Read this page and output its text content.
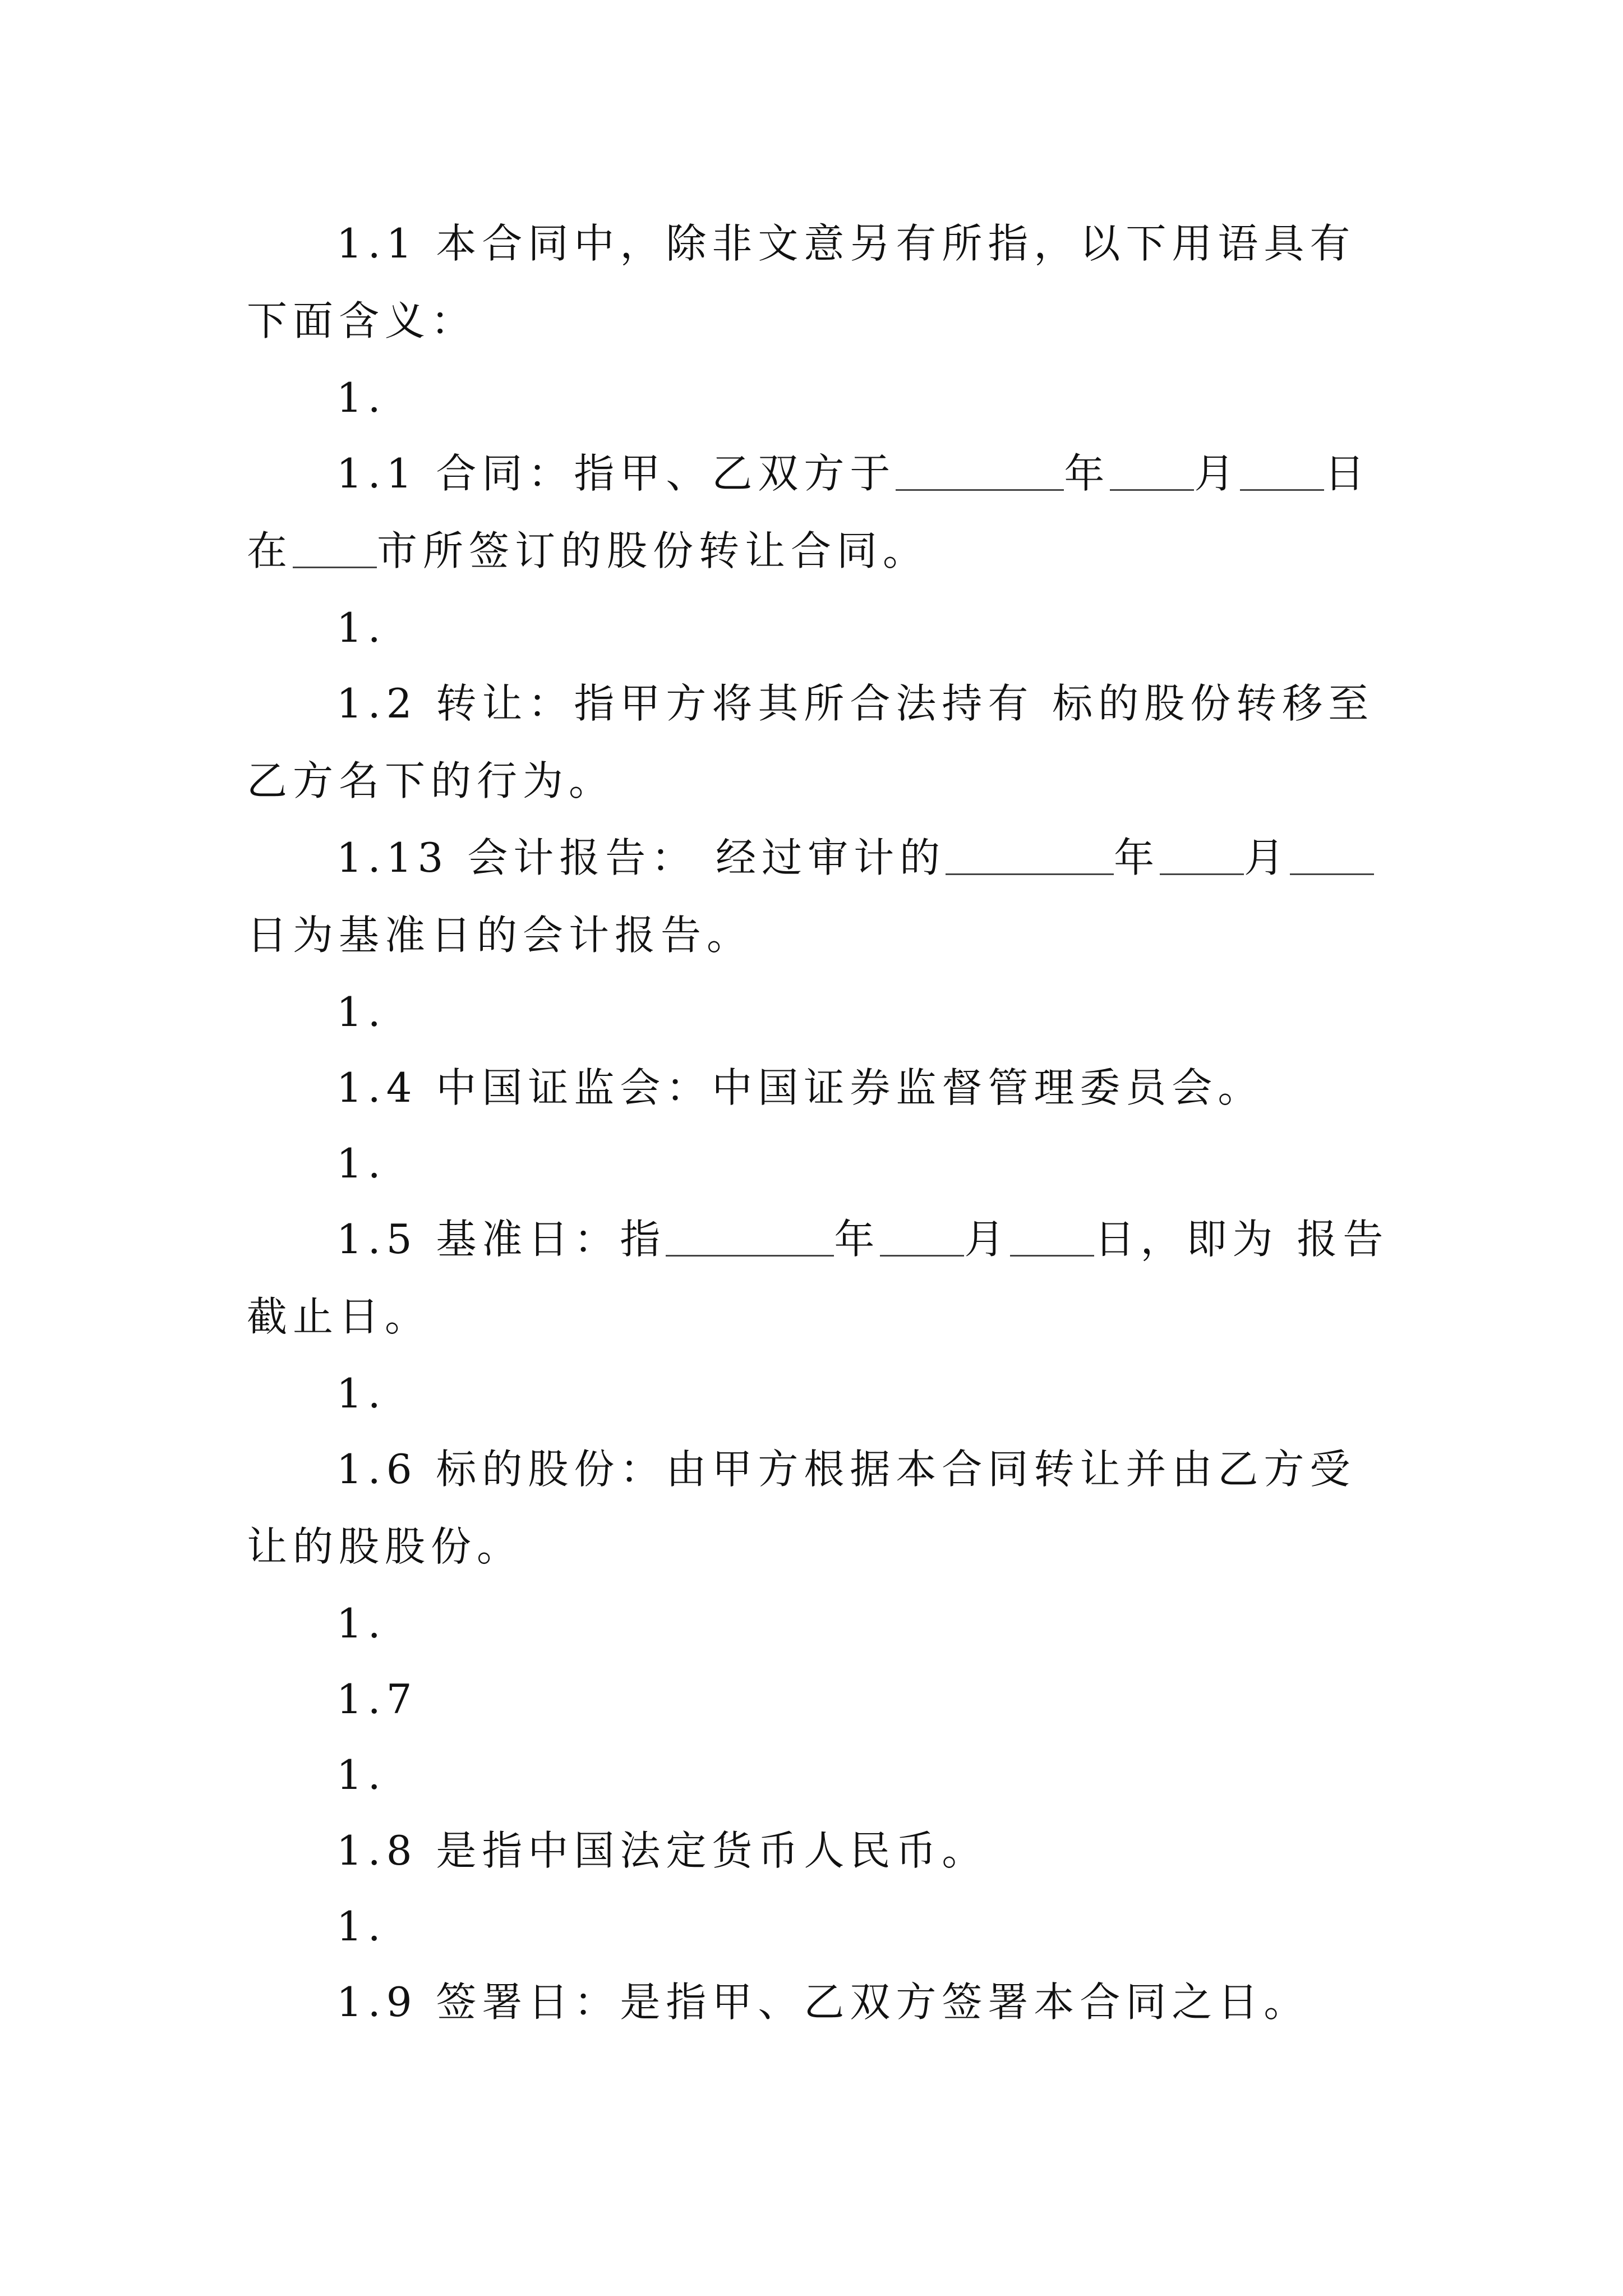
1.1 本合同中，除非文意另有所指，以下用语具有下面含义：

1.

1.1 合同：指甲、乙双方于	年 月 日在 市所签订的股份转让合同。

1.

1.2 转让：指甲方将其所合法持有 标的股份转移至乙方名下的行为。

1.13 会计报告： 经过审计的	年 月日为基准日的会计报告。

1.

1.4 中国证监会：中国证券监督管理委员会。

1.

1.5 基准日：指	年 月 日，即为 报告截止日。

1.

1.6 标的股份：由甲方根据本合同转让并由乙方受让的股股份。

1.

1.7

1.

1.8 是指中国法定货币人民币。

1.

1.9 签署日：是指甲、乙双方签署本合同之日。
